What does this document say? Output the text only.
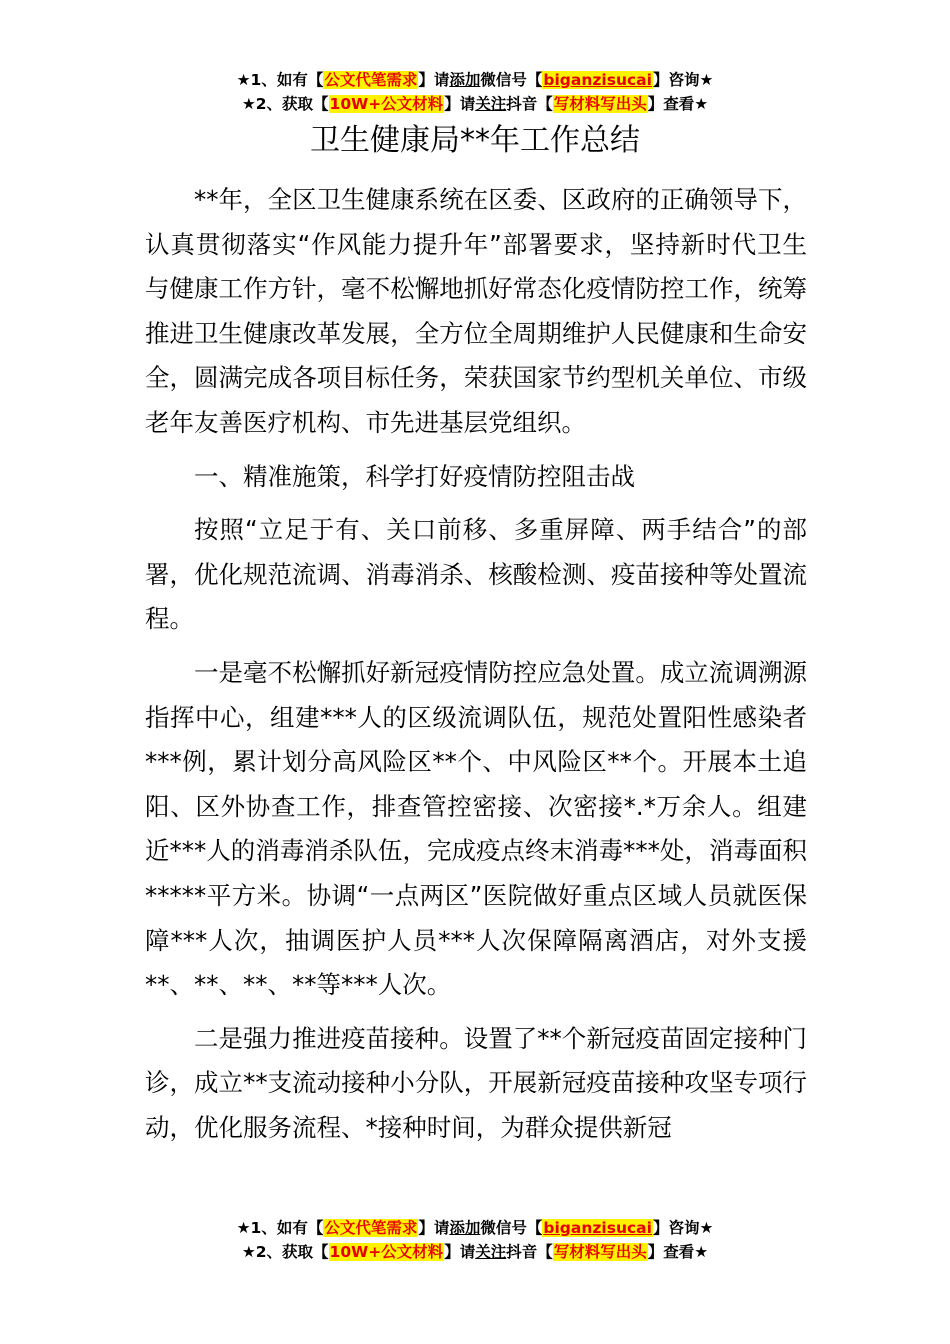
★1、如有【公文代笔需求】请添加微信号【biganzisucai】咨询★
★2、获取【10W+公文材料】请关注抖音【写材料写出头】查看★
卫生健康局**年工作总结

**年，全区卫生健康系统在区委、区政府的正确领导下，认真贯彻落实“作风能力提升年”部署要求，坚持新时代卫生与健康工作方针，毫不松懈地抓好常态化疫情防控工作，统筹推进卫生健康改革发展，全方位全周期维护人民健康和生命安全，圆满完成各项目标任务，荣获国家节约型机关单位、市级老年友善医疗机构、市先进基层党组织。

一、精准施策，科学打好疫情防控阻击战

按照“立足于有、关口前移、多重屏障、两手结合”的部署，优化规范流调、消毒消杀、核酸检测、疫苗接种等处置流程。

一是毫不松懈抓好新冠疫情防控应急处置。成立流调溯源指挥中心，组建***人的区级流调队伍，规范处置阳性感染者***例，累计划分高风险区**个、中风险区**个。开展本土追阳、区外协查工作，排查管控密接、次密接*.*万余人。组建近***人的消毒消杀队伍，完成疫点终末消毒***处，消毒面积*****平方米。协调“一点两区”医院做好重点区域人员就医保障***人次，抽调医护人员***人次保障隔离酒店，对外支援**、**、**、**等***人次。

二是强力推进疫苗接种。设置了**个新冠疫苗固定接种门诊，成立**支流动接种小分队，开展新冠疫苗接种攻坚专项行动，优化服务流程、*接种时间，为群众提供新冠

★1、如有【公文代笔需求】请添加微信号【biganzisucai】咨询★
★2、获取【10W+公文材料】请关注抖音【写材料写出头】查看★
